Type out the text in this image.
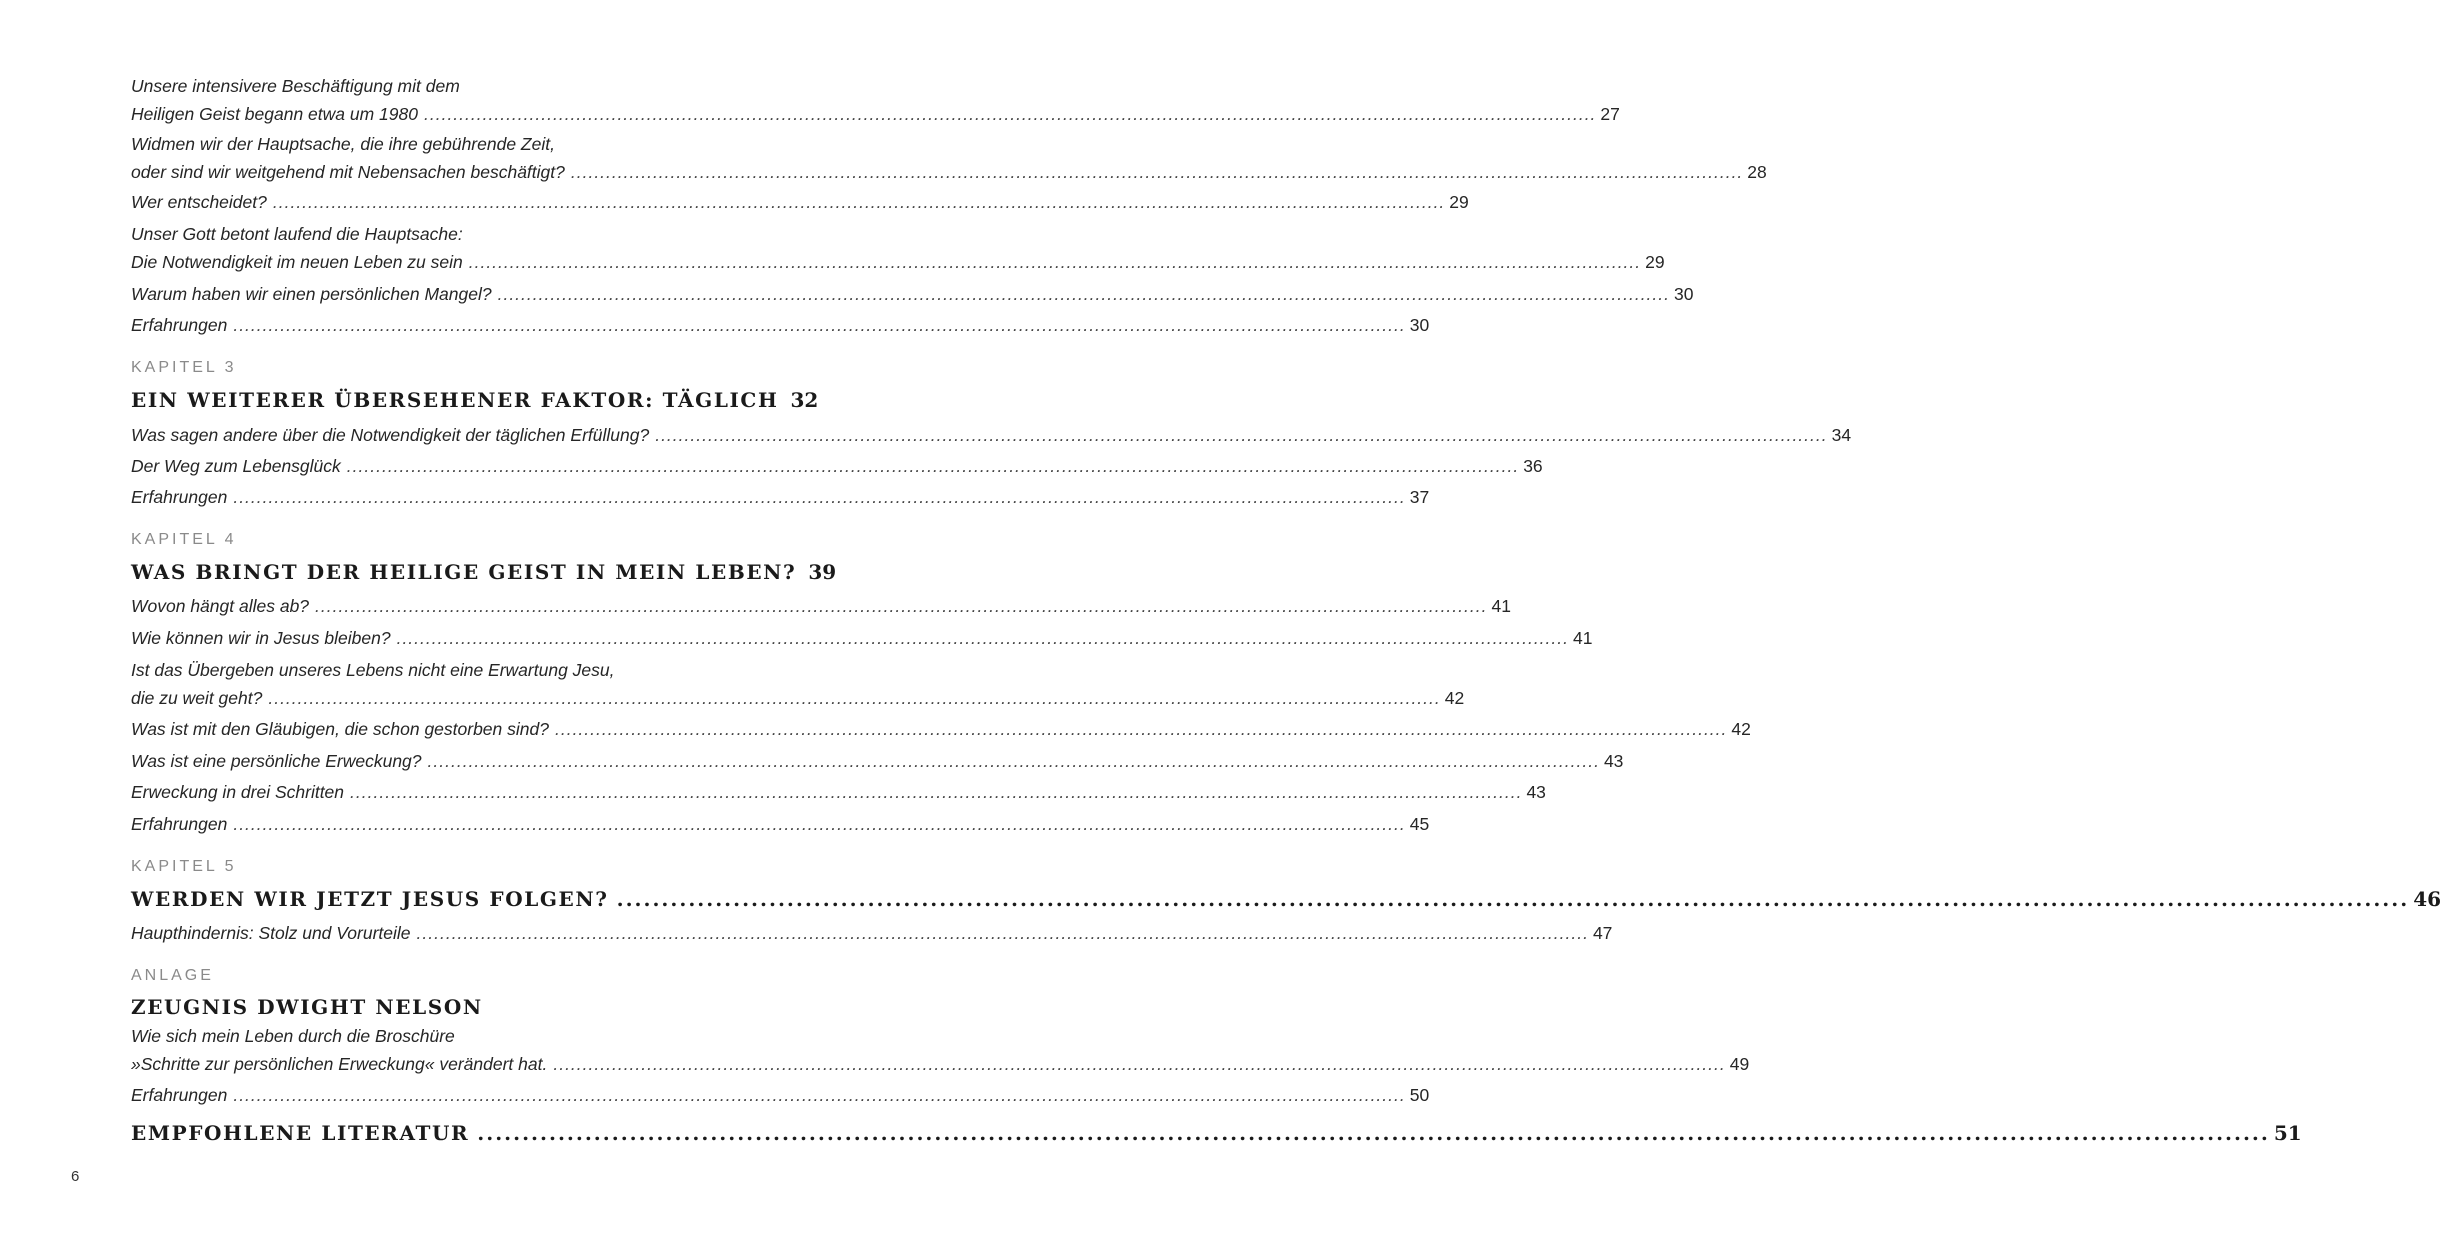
Unsere intensivere Beschäftigung mit dem
Heiligen Geist begann etwa um 1980 ........................................................................................................................................................................................................ 27
Widmen wir der Hauptsache, die ihre gebührende Zeit,
oder sind wir weitgehend mit Nebensachen beschäftigt? ........................................................................................................................................................................................................ 28
Wer entscheidet? ........................................................................................................................................................................................................ 29
Unser Gott betont laufend die Hauptsache:
Die Notwendigkeit im neuen Leben zu sein ........................................................................................................................................................................................................ 29
Warum haben wir einen persönlichen Mangel? ........................................................................................................................................................................................................ 30
Erfahrungen ........................................................................................................................................................................................................ 30
KAPITEL 3
EIN WEITERER ÜBERSEHENER FAKTOR: TÄGLICH 32
Was sagen andere über die Notwendigkeit der täglichen Erfüllung? ........................................................................................................................................................................................................ 34
Der Weg zum Lebensglück ........................................................................................................................................................................................................ 36
Erfahrungen ........................................................................................................................................................................................................ 37
KAPITEL 4
WAS BRINGT DER HEILIGE GEIST IN MEIN LEBEN? 39
Wovon hängt alles ab? ........................................................................................................................................................................................................ 41
Wie können wir in Jesus bleiben? ........................................................................................................................................................................................................ 41
Ist das Übergeben unseres Lebens nicht eine Erwartung Jesu,
die zu weit geht? ........................................................................................................................................................................................................ 42
Was ist mit den Gläubigen, die schon gestorben sind? ........................................................................................................................................................................................................ 42
Was ist eine persönliche Erweckung? ........................................................................................................................................................................................................ 43
Erweckung in drei Schritten ........................................................................................................................................................................................................ 43
Erfahrungen ........................................................................................................................................................................................................ 45
KAPITEL 5
WERDEN WIR JETZT JESUS FOLGEN? ........................................................................................................................................................................................................ 46
Haupthindernis: Stolz und Vorurteile ........................................................................................................................................................................................................ 47
ANLAGE
ZEUGNIS DWIGHT NELSON
Wie sich mein Leben durch die Broschüre
»Schritte zur persönlichen Erweckung« verändert hat. ........................................................................................................................................................................................................ 49
Erfahrungen ........................................................................................................................................................................................................ 50
EMPFOHLENE LITERATUR ........................................................................................................................................................................................................ 51
6
